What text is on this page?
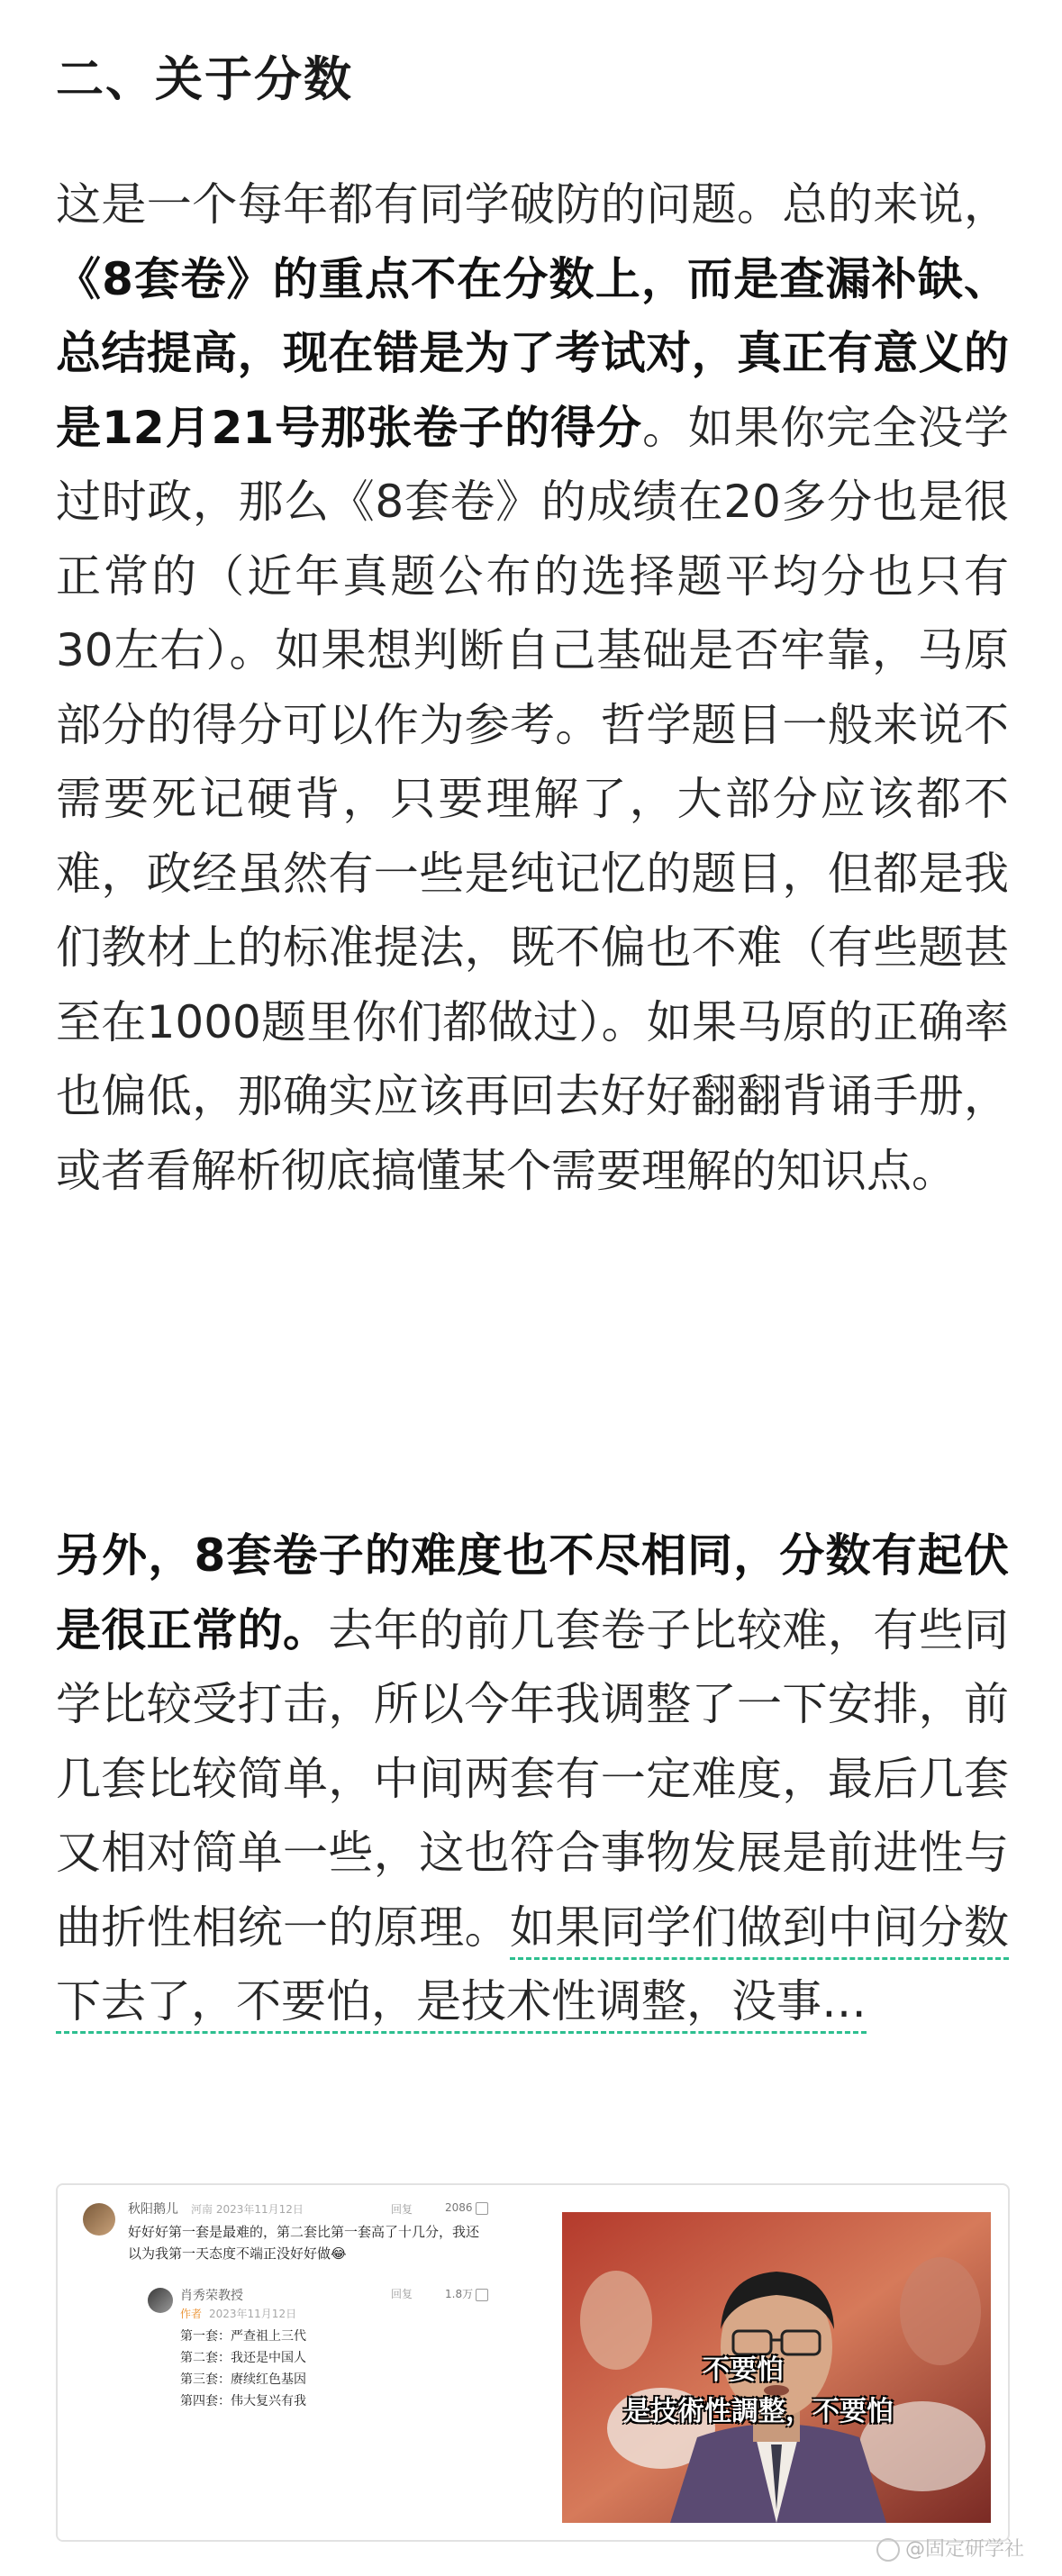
二、关于分数
这是一个每年都有同学破防的问题。总的来说，《8套卷》的重点不在分数上，而是查漏补缺、总结提高，现在错是为了考试对，真正有意义的是12月21号那张卷子的得分。如果你完全没学过时政，那么《8套卷》的成绩在20多分也是很正常的（近年真题公布的选择题平均分也只有30左右）。如果想判断自己基础是否牢靠，马原部分的得分可以作为参考。哲学题目一般来说不需要死记硬背，只要理解了，大部分应该都不难，政经虽然有一些是纯记忆的题目，但都是我们教材上的标准提法，既不偏也不难（有些题甚至在1000题里你们都做过）。如果马原的正确率也偏低，那确实应该再回去好好翻翻背诵手册，或者看解析彻底搞懂某个需要理解的知识点。
另外，8套卷子的难度也不尽相同，分数有起伏是很正常的。去年的前几套卷子比较难，有些同学比较受打击，所以今年我调整了一下安排，前几套比较简单，中间两套有一定难度，最后几套又相对简单一些，这也符合事物发展是前进性与曲折性相统一的原理。如果同学们做到中间分数下去了，不要怕，是技术性调整，没事…
秋阳鹅儿 河南 2023年11月12日	回复	2086
好好好第一套是最难的，第二套比第一套高了十几分，我还以为我第一天态度不端正没好好做😂
肖秀荣教授
作者 2023年11月12日
回复	1.8万
第一套：严查祖上三代
第二套：我还是中国人
第三套：赓续红色基因
第四套：伟大复兴有我
不要怕
是技術性調整，不要怕
@固定研学社
